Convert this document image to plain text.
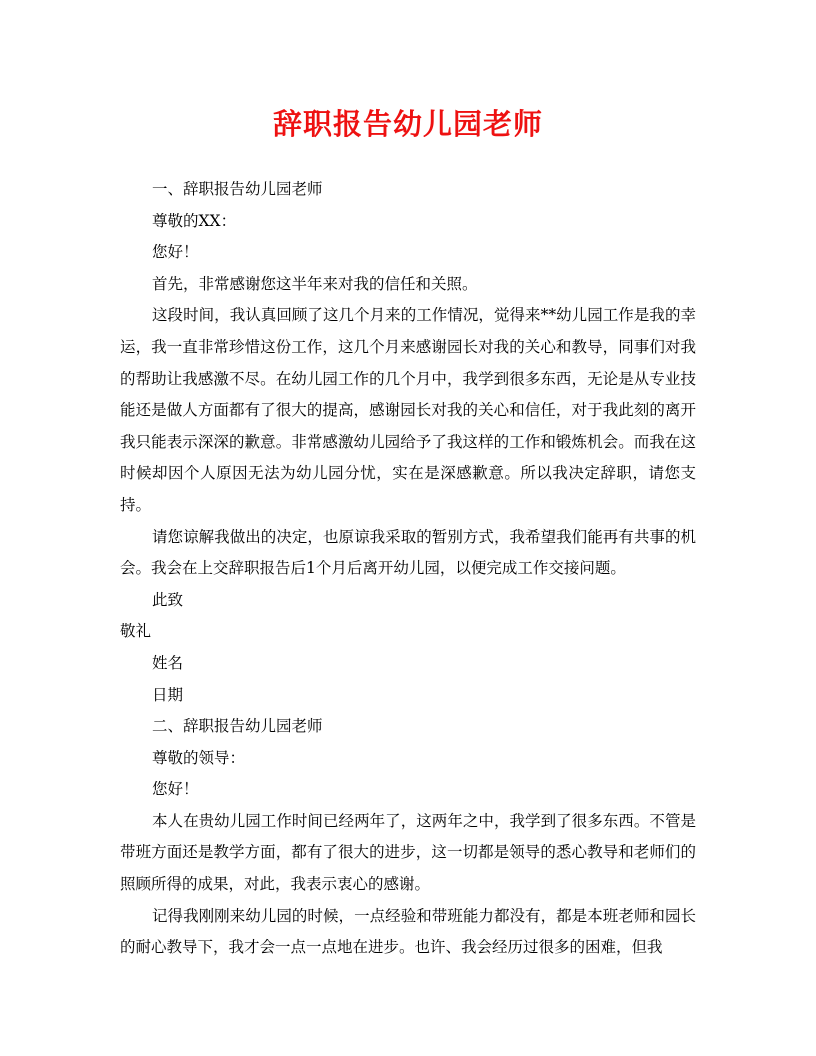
辞职报告幼儿园老师

一、辞职报告幼儿园老师

尊敬的XX：

您好！

首先，非常感谢您这半年来对我的信任和关照。

这段时间，我认真回顾了这几个月来的工作情况，觉得来**幼儿园工作是我的幸运，我一直非常珍惜这份工作，这几个月来感谢园长对我的关心和教导，同事们对我的帮助让我感激不尽。在幼儿园工作的几个月中，我学到很多东西，无论是从专业技能还是做人方面都有了很大的提高，感谢园长对我的关心和信任，对于我此刻的离开我只能表示深深的歉意。非常感激幼儿园给予了我这样的工作和锻炼机会。而我在这时候却因个人原因无法为幼儿园分忧，实在是深感歉意。所以我决定辞职，请您支持。

请您谅解我做出的决定，也原谅我采取的暂别方式，我希望我们能再有共事的机会。我会在上交辞职报告后1个月后离开幼儿园，以便完成工作交接问题。

此致

敬礼

姓名

日期

二、辞职报告幼儿园老师

尊敬的领导：

您好！

本人在贵幼儿园工作时间已经两年了，这两年之中，我学到了很多东西。不管是带班方面还是教学方面，都有了很大的进步，这一切都是领导的悉心教导和老师们的照顾所得的成果，对此，我表示衷心的感谢。

记得我刚刚来幼儿园的时候，一点经验和带班能力都没有，都是本班老师和园长的耐心教导下，我才会一点一点地在进步。也许、我会经历过很多的困难，但我
